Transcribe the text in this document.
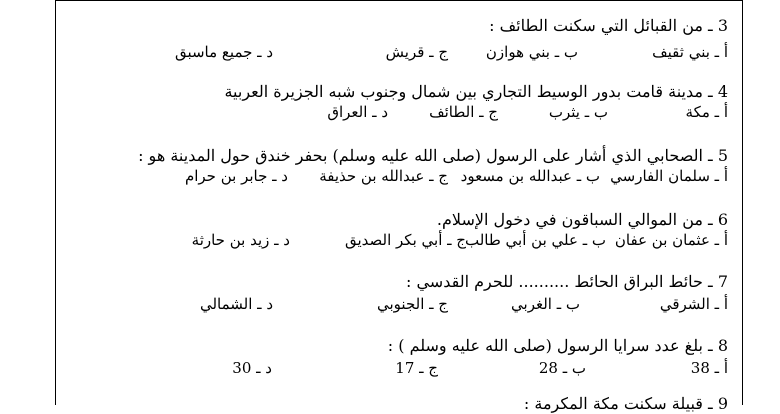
3 ـ من القبائل التي سكنت الطائف :
أ ـ بني ثقيف
ب ـ بني هوازن
ج ـ قريش
د ـ جميع ماسبق
4 ـ مدينة قامت بدور الوسيط التجاري بين شمال وجنوب شبه الجزيرة العربية
أ ـ مكة
ب ـ يثرب
ج ـ الطائف
د ـ العراق
5 ـ الصحابي الذي أشار على الرسول (صلى الله عليه وسلم) بحفر خندق حول المدينة هو :
أ ـ سلمان الفارسي
ب ـ عبدالله بن مسعود
ج ـ عبدالله بن حذيفة
د ـ جابر بن حرام
6 ـ من الموالي السباقون في دخول الإسلام.
أ ـ عثمان بن عفان
ب ـ علي بن أبي طالب
ج ـ أبي بكر الصديق
د ـ زيد بن حارثة
7 ـ حائط البراق الحائط .......... للحرم القدسي :
أ ـ الشرقي
ب ـ الغربي
ج ـ الجنوبي
د ـ الشمالي
8 ـ بلغ عدد سرايا الرسول (صلى الله عليه وسلم ) :
أ ـ 38
ب ـ 28
ج ـ 17
د ـ 30
9 ـ قبيلة سكنت مكة المكرمة :
